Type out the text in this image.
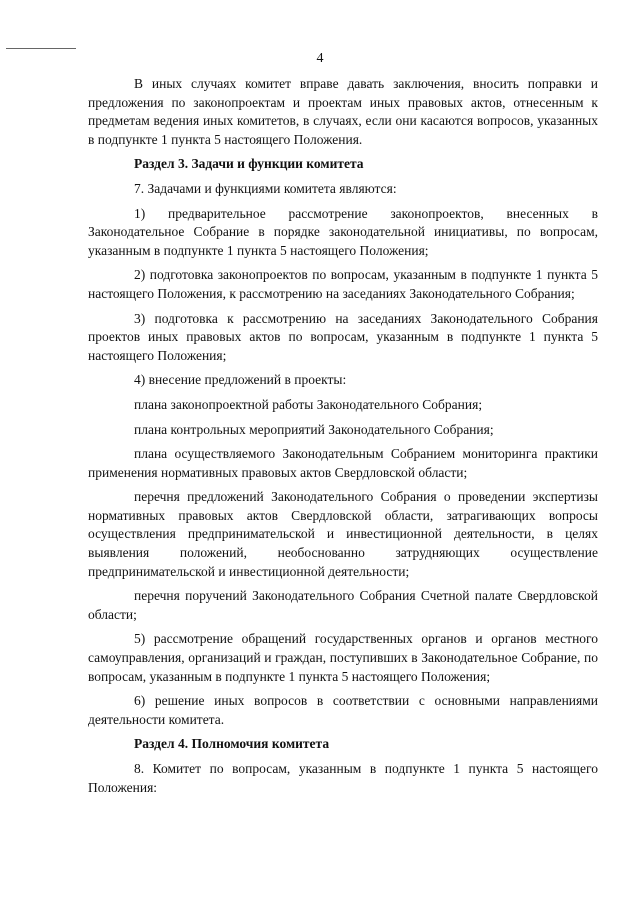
4

В иных случаях комитет вправе давать заключения, вносить поправки и предложения по законопроектам и проектам иных правовых актов, отнесенным к предметам ведения иных комитетов, в случаях, если они касаются вопросов, указанных в подпункте 1 пункта 5 настоящего Положения.

Раздел 3. Задачи и функции комитета

7. Задачами и функциями комитета являются:

1) предварительное рассмотрение законопроектов, внесенных в Законодательное Собрание в порядке законодательной инициативы, по вопросам, указанным в подпункте 1 пункта 5 настоящего Положения;

2) подготовка законопроектов по вопросам, указанным в подпункте 1 пункта 5 настоящего Положения, к рассмотрению на заседаниях Законодательного Собрания;

3) подготовка к рассмотрению на заседаниях Законодательного Собрания проектов иных правовых актов по вопросам, указанным в подпункте 1 пункта 5 настоящего Положения;

4) внесение предложений в проекты:

плана законопроектной работы Законодательного Собрания;

плана контрольных мероприятий Законодательного Собрания;

плана осуществляемого Законодательным Собранием мониторинга практики применения нормативных правовых актов Свердловской области;

перечня предложений Законодательного Собрания о проведении экспертизы нормативных правовых актов Свердловской области, затрагивающих вопросы осуществления предпринимательской и инвестиционной деятельности, в целях выявления положений, необоснованно затрудняющих осуществление предпринимательской и инвестиционной деятельности;

перечня поручений Законодательного Собрания Счетной палате Свердловской области;

5) рассмотрение обращений государственных органов и органов местного самоуправления, организаций и граждан, поступивших в Законодательное Собрание, по вопросам, указанным в подпункте 1 пункта 5 настоящего Положения;

6) решение иных вопросов в соответствии с основными направлениями деятельности комитета.

Раздел 4. Полномочия комитета

8. Комитет по вопросам, указанным в подпункте 1 пункта 5 настоящего Положения:
